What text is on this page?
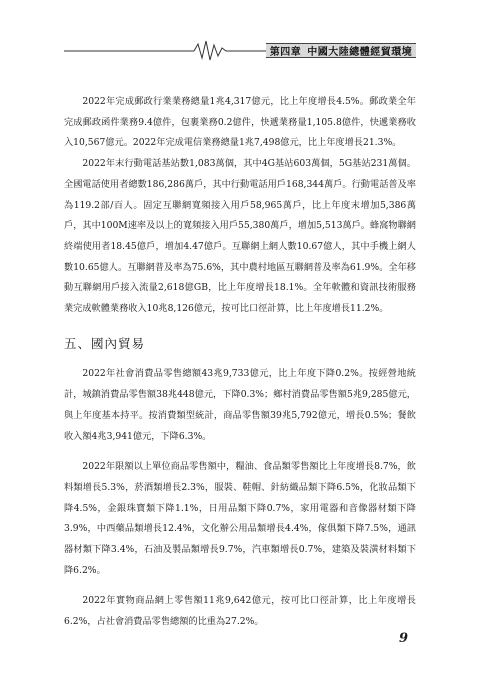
第四章 中國大陸總體經貿環境

2022年完成郵政行業業務總量1兆4,317億元，比上年度增長4.5%。郵政業全年完成郵政函件業務9.4億件，包裹業務0.2億件，快遞業務量1,105.8億件，快遞業務收入10,567億元。2022年完成電信業務總量1兆7,498億元，比上年度增長21.3%。

2022年末行動電話基站數1,083萬個，其中4G基站603萬個，5G基站231萬個。全國電話使用者總數186,286萬戶，其中行動電話用戶168,344萬戶。行動電話普及率為119.2部/百人。固定互聯網寬頻接入用戶58,965萬戶，比上年度末增加5,386萬戶，其中100M速率及以上的寬頻接入用戶55,380萬戶，增加5,513萬戶。蜂窩物聯網終端使用者18.45億戶，增加4.47億戶。互聯網上網人數10.67億人，其中手機上網人數10.65億人。互聯網普及率為75.6%，其中農村地區互聯網普及率為61.9%。全年移動互聯網用戶接入流量2,618億GB，比上年度增長18.1%。全年軟體和資訊技術服務業完成軟體業務收入10兆8,126億元，按可比口徑計算，比上年度增長11.2%。

五、國內貿易

2022年社會消費品零售總額43兆9,733億元，比上年度下降0.2%。按經營地統計，城鎮消費品零售額38兆448億元，下降0.3%；鄉村消費品零售額5兆9,285億元，與上年度基本持平。按消費類型統計，商品零售額39兆5,792億元，增長0.5%；餐飲收入額4兆3,941億元，下降6.3%。

2022年限額以上單位商品零售額中，糧油、食品類零售額比上年度增長8.7%，飲料類增長5.3%，菸酒類增長2.3%，服裝、鞋帽、針紡織品類下降6.5%，化妝品類下降4.5%，金銀珠寶類下降1.1%，日用品類下降0.7%，家用電器和音像器材類下降3.9%，中西藥品類增長12.4%，文化辦公用品類增長4.4%，傢俱類下降7.5%，通訊器材類下降3.4%，石油及製品類增長9.7%，汽車類增長0.7%，建築及裝潢材料類下降6.2%。

2022年實物商品網上零售額11兆9,642億元，按可比口徑計算，比上年度增長6.2%，占社會消費品零售總額的比重為27.2%。

9
